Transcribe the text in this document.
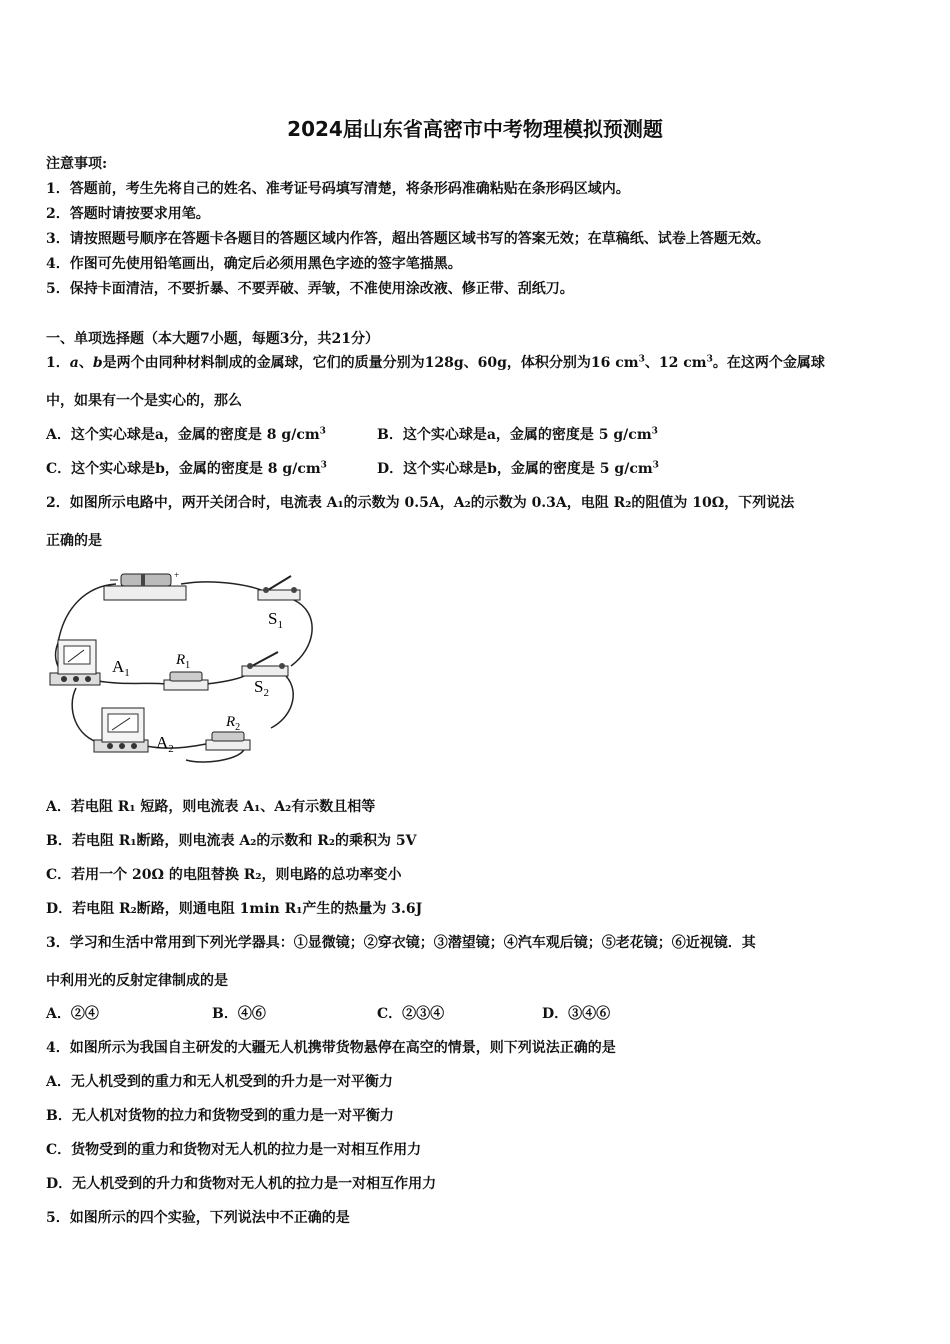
2024届山东省高密市中考物理模拟预测题
注意事项:
1．答题前，考生先将自己的姓名、准考证号码填写清楚，将条形码准确粘贴在条形码区域内。
2．答题时请按要求用笔。
3．请按照题号顺序在答题卡各题目的答题区域内作答，超出答题区域书写的答案无效；在草稿纸、试卷上答题无效。
4．作图可先使用铅笔画出，确定后必须用黑色字迹的签字笔描黑。
5．保持卡面清洁，不要折暴、不要弄破、弄皱，不准使用涂改液、修正带、刮纸刀。
一、单项选择题（本大题7小题，每题3分，共21分）
1．a、b是两个由同种材料制成的金属球，它们的质量分别为128g、60g，体积分别为16 $cm^3$、12 $cm^3$。在这两个金属球
中，如果有一个是实心的，那么
A．这个实心球是a，金属的密度是 8 $g/cm^3$	B．这个实心球是a，金属的密度是 5 $g/cm^3$
C．这个实心球是b，金属的密度是 8 $g/cm^3$	D．这个实心球是b，金属的密度是 5 $g/cm^3$
2．如图所示电路中，两开关闭合时，电流表 A₁的示数为 0.5A，A₂的示数为 0.3A，电阻 R₂的阻值为 10Ω，下列说法
正确的是
+
$S_1$
$A_1$
$R_1$
$S_2$
$A_2$
$R_2$
A．若电阻 R₁ 短路，则电流表 A₁、A₂有示数且相等
B．若电阻 R₁断路，则电流表 A₂的示数和 R₂的乘积为 5V
C．若用一个 20Ω 的电阻替换 R₂，则电路的总功率变小
D．若电阻 R₂断路，则通电阻 1min R₁产生的热量为 3.6J
3．学习和生活中常用到下列光学器具：①显微镜；②穿衣镜；③潜望镜；④汽车观后镜；⑤老花镜；⑥近视镜．其
中利用光的反射定律制成的是
A．②④	B．④⑥	C．②③④	D．③④⑥
4．如图所示为我国自主研发的大疆无人机携带货物悬停在高空的情景，则下列说法正确的是
A．无人机受到的重力和无人机受到的升力是一对平衡力
B．无人机对货物的拉力和货物受到的重力是一对平衡力
C．货物受到的重力和货物对无人机的拉力是一对相互作用力
D．无人机受到的升力和货物对无人机的拉力是一对相互作用力
5．如图所示的四个实验，下列说法中不正确的是
